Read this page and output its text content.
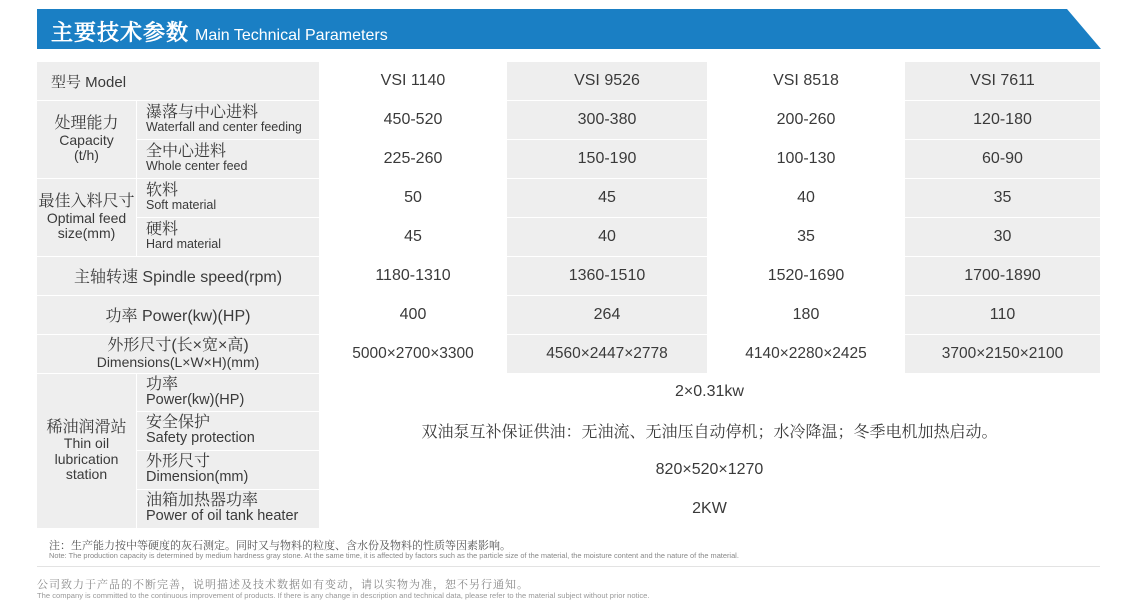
主要技术参数 Main Technical Parameters
型号 Model	VSI 1140	VSI 9526	VSI 8518	VSI 7611
处理能力
Capacity
(t/h)
瀑落与中心进料
Waterfall and center feeding	450-520	300-380	200-260	120-180
全中心进料
Whole center feed	225-260	150-190	100-130	60-90
最佳入料尺寸
Optimal feed
size(mm)
软料
Soft material	50	45	40	35
硬料
Hard material	45	40	35	30
主轴转速 Spindle speed(rpm)	1180-1310	1360-1510	1520-1690	1700-1890
功率 Power(kw)(HP)	400	264	180	110
外形尺寸(长×宽×高)
Dimensions(L×W×H)(mm)
5000×2700×3300	4560×2447×2778	4140×2280×2425	3700×2150×2100
稀油润滑站
Thin oil
lubrication
station
功率
Power(kw)(HP)	2×0.31kw
安全保护
Safety protection	双油泵互补保证供油：无油流、无油压自动停机；水冷降温；冬季电机加热启动。
外形尺寸
Dimension(mm)	820×520×1270
油箱加热器功率
Power of oil tank heater	2KW
注：生产能力按中等硬度的灰石测定。同时又与物料的粒度、含水份及物料的性质等因素影响。
Note: The production capacity is determined by medium hardness gray stone. At the same time, it is affected by factors such as the particle size of the material, the moisture content and the nature of the material.
公司致力于产品的不断完善，说明描述及技术数据如有变动，请以实物为准，恕不另行通知。
The company is committed to the continuous improvement of products. If there is any change in description and technical data, please refer to the material subject without prior notice.
